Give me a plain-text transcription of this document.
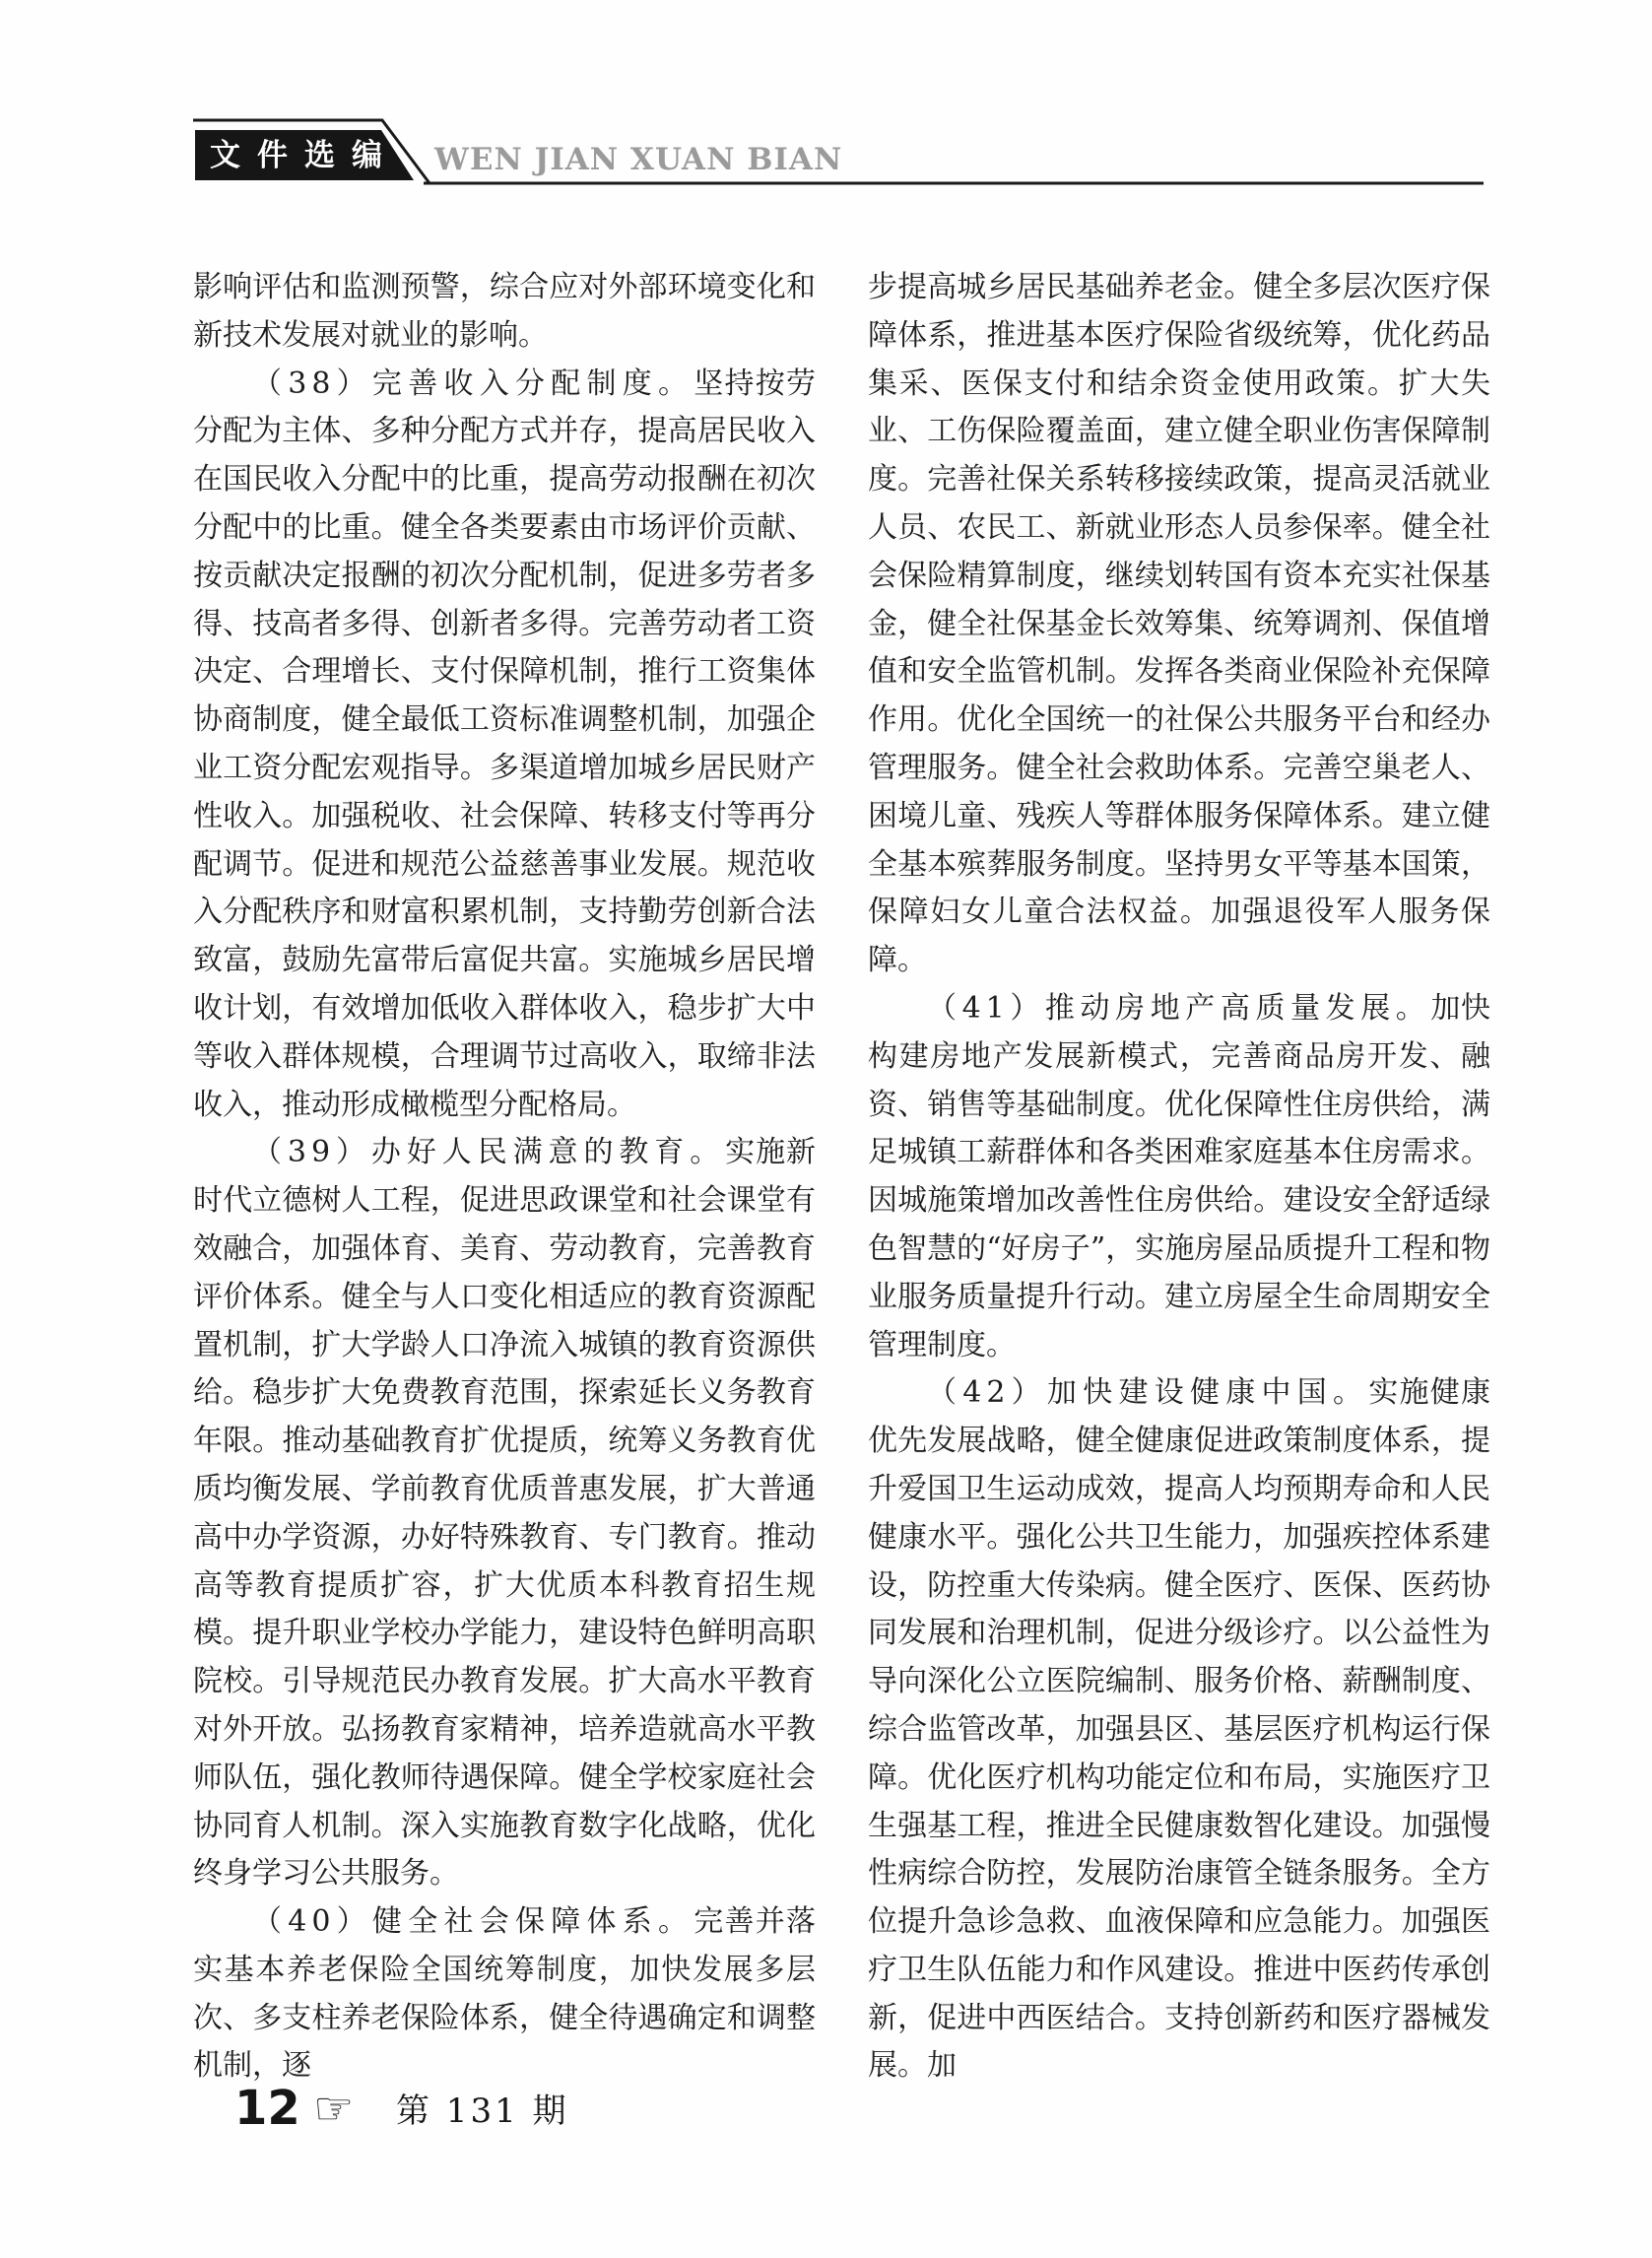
文件选编 WEN JIAN XUAN BIAN

影响评估和监测预警，综合应对外部环境变化和新技术发展对就业的影响。

（38）完善收入分配制度。坚持按劳分配为主体、多种分配方式并存，提高居民收入在国民收入分配中的比重，提高劳动报酬在初次分配中的比重。健全各类要素由市场评价贡献、按贡献决定报酬的初次分配机制，促进多劳者多得、技高者多得、创新者多得。完善劳动者工资决定、合理增长、支付保障机制，推行工资集体协商制度，健全最低工资标准调整机制，加强企业工资分配宏观指导。多渠道增加城乡居民财产性收入。加强税收、社会保障、转移支付等再分配调节。促进和规范公益慈善事业发展。规范收入分配秩序和财富积累机制，支持勤劳创新合法致富，鼓励先富带后富促共富。实施城乡居民增收计划，有效增加低收入群体收入，稳步扩大中等收入群体规模，合理调节过高收入，取缔非法收入，推动形成橄榄型分配格局。

（39）办好人民满意的教育。实施新时代立德树人工程，促进思政课堂和社会课堂有效融合，加强体育、美育、劳动教育，完善教育评价体系。健全与人口变化相适应的教育资源配置机制，扩大学龄人口净流入城镇的教育资源供给。稳步扩大免费教育范围，探索延长义务教育年限。推动基础教育扩优提质，统筹义务教育优质均衡发展、学前教育优质普惠发展，扩大普通高中办学资源，办好特殊教育、专门教育。推动高等教育提质扩容，扩大优质本科教育招生规模。提升职业学校办学能力，建设特色鲜明高职院校。引导规范民办教育发展。扩大高水平教育对外开放。弘扬教育家精神，培养造就高水平教师队伍，强化教师待遇保障。健全学校家庭社会协同育人机制。深入实施教育数字化战略，优化终身学习公共服务。

（40）健全社会保障体系。完善并落实基本养老保险全国统筹制度，加快发展多层次、多支柱养老保险体系，健全待遇确定和调整机制，逐

步提高城乡居民基础养老金。健全多层次医疗保障体系，推进基本医疗保险省级统筹，优化药品集采、医保支付和结余资金使用政策。扩大失业、工伤保险覆盖面，建立健全职业伤害保障制度。完善社保关系转移接续政策，提高灵活就业人员、农民工、新就业形态人员参保率。健全社会保险精算制度，继续划转国有资本充实社保基金，健全社保基金长效筹集、统筹调剂、保值增值和安全监管机制。发挥各类商业保险补充保障作用。优化全国统一的社保公共服务平台和经办管理服务。健全社会救助体系。完善空巢老人、困境儿童、残疾人等群体服务保障体系。建立健全基本殡葬服务制度。坚持男女平等基本国策，保障妇女儿童合法权益。加强退役军人服务保障。

（41）推动房地产高质量发展。加快构建房地产发展新模式，完善商品房开发、融资、销售等基础制度。优化保障性住房供给，满足城镇工薪群体和各类困难家庭基本住房需求。因城施策增加改善性住房供给。建设安全舒适绿色智慧的“好房子”，实施房屋品质提升工程和物业服务质量提升行动。建立房屋全生命周期安全管理制度。

（42）加快建设健康中国。实施健康优先发展战略，健全健康促进政策制度体系，提升爱国卫生运动成效，提高人均预期寿命和人民健康水平。强化公共卫生能力，加强疾控体系建设，防控重大传染病。健全医疗、医保、医药协同发展和治理机制，促进分级诊疗。以公益性为导向深化公立医院编制、服务价格、薪酬制度、综合监管改革，加强县区、基层医疗机构运行保障。优化医疗机构功能定位和布局，实施医疗卫生强基工程，推进全民健康数智化建设。加强慢性病综合防控，发展防治康管全链条服务。全方位提升急诊急救、血液保障和应急能力。加强医疗卫生队伍能力和作风建设。推进中医药传承创新，促进中西医结合。支持创新药和医疗器械发展。加

12 ☞ 第 131 期
